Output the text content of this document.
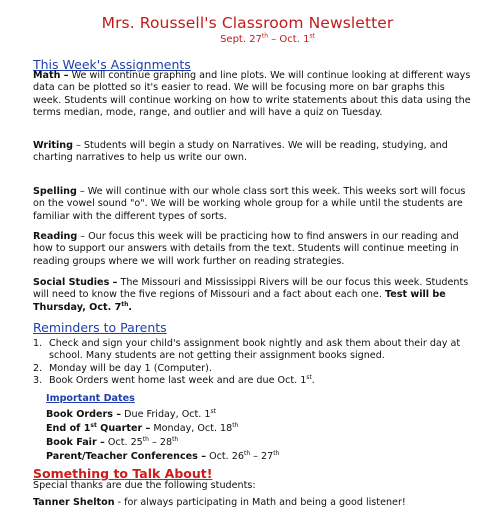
Mrs. Roussell's Classroom Newsletter
Sept. 27th – Oct. 1st
This Week's Assignments
Math – We will continue graphing and line plots. We will continue looking at different ways data can be plotted so it's easier to read. We will be focusing more on bar graphs this week. Students will continue working on how to write statements about this data using the terms median, mode, range, and outlier and will have a quiz on Tuesday.
Writing – Students will begin a study on Narratives. We will be reading, studying, and charting narratives to help us write our own.
Spelling – We will continue with our whole class sort this week. This weeks sort will focus on the vowel sound "o". We will be working whole group for a while until the students are familiar with the different types of sorts.
Reading – Our focus this week will be practicing how to find answers in our reading and how to support our answers with details from the text. Students will continue meeting in reading groups where we will work further on reading strategies.
Social Studies – The Missouri and Mississippi Rivers will be our focus this week. Students will need to know the five regions of Missouri and a fact about each one. Test will be Thursday, Oct. 7th.
Reminders to Parents
1. Check and sign your child's assignment book nightly and ask them about their day at school. Many students are not getting their assignment books signed.
2. Monday will be day 1 (Computer).
3. Book Orders went home last week and are due Oct. 1st.
Important Dates
Book Orders – Due Friday, Oct. 1st
End of 1st Quarter – Monday, Oct. 18th
Book Fair – Oct. 25th – 28th
Parent/Teacher Conferences – Oct. 26th – 27th
Something to Talk About!
Special thanks are due the following students:
Tanner Shelton - for always participating in Math and being a good listener!
